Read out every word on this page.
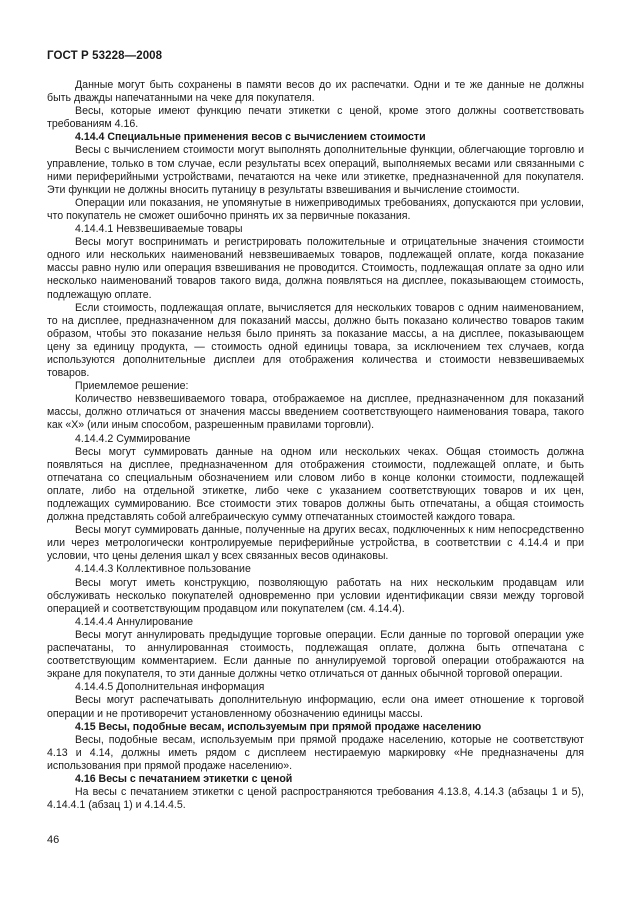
ГОСТ Р 53228—2008

Данные могут быть сохранены в памяти весов до их распечатки. Одни и те же данные не должны быть дважды напечатанными на чеке для покупателя.

Весы, которые имеют функцию печати этикетки с ценой, кроме этого должны соответствовать требованиям 4.16.

4.14.4 Специальные применения весов с вычислением стоимости

Весы с вычислением стоимости могут выполнять дополнительные функции, облегчающие торговлю и управление, только в том случае, если результаты всех операций, выполняемых весами или связанными с ними периферийными устройствами, печатаются на чеке или этикетке, предназначенной для покупателя. Эти функции не должны вносить путаницу в результаты взвешивания и вычисление стоимости.

Операции или показания, не упомянутые в нижеприводимых требованиях, допускаются при условии, что покупатель не сможет ошибочно принять их за первичные показания.

4.14.4.1 Невзвешиваемые товары

Весы могут воспринимать и регистрировать положительные и отрицательные значения стоимости одного или нескольких наименований невзвешиваемых товаров, подлежащей оплате, когда показание массы равно нулю или операция взвешивания не проводится. Стоимость, подлежащая оплате за одно или несколько наименований товаров такого вида, должна появляться на дисплее, показывающем стоимость, подлежащую оплате.

Если стоимость, подлежащая оплате, вычисляется для нескольких товаров с одним наименованием, то на дисплее, предназначенном для показаний массы, должно быть показано количество товаров таким образом, чтобы это показание нельзя было принять за показание массы, а на дисплее, показывающем цену за единицу продукта, — стоимость одной единицы товара, за исключением тех случаев, когда используются дополнительные дисплеи для отображения количества и стоимости невзвешиваемых товаров.

Приемлемое решение:

Количество невзвешиваемого товара, отображаемое на дисплее, предназначенном для показаний массы, должно отличаться от значения массы введением соответствующего наименования товара, такого как «X» (или иным способом, разрешенным правилами торговли).

4.14.4.2 Суммирование

Весы могут суммировать данные на одном или нескольких чеках. Общая стоимость должна появляться на дисплее, предназначенном для отображения стоимости, подлежащей оплате, и быть отпечатана со специальным обозначением или словом либо в конце колонки стоимости, подлежащей оплате, либо на отдельной этикетке, либо чеке с указанием соответствующих товаров и их цен, подлежащих суммированию. Все стоимости этих товаров должны быть отпечатаны, а общая стоимость должна представлять собой алгебраическую сумму отпечатанных стоимостей каждого товара.

Весы могут суммировать данные, полученные на других весах, подключенных к ним непосредственно или через метрологически контролируемые периферийные устройства, в соответствии с 4.14.4 и при условии, что цены деления шкал у всех связанных весов одинаковы.

4.14.4.3 Коллективное пользование

Весы могут иметь конструкцию, позволяющую работать на них нескольким продавцам или обслуживать несколько покупателей одновременно при условии идентификации связи между торговой операцией и соответствующим продавцом или покупателем (см. 4.14.4).

4.14.4.4 Аннулирование

Весы могут аннулировать предыдущие торговые операции. Если данные по торговой операции уже распечатаны, то аннулированная стоимость, подлежащая оплате, должна быть отпечатана с соответствующим комментарием. Если данные по аннулируемой торговой операции отображаются на экране для покупателя, то эти данные должны четко отличаться от данных обычной торговой операции.

4.14.4.5 Дополнительная информация

Весы могут распечатывать дополнительную информацию, если она имеет отношение к торговой операции и не противоречит установленному обозначению единицы массы.

4.15 Весы, подобные весам, используемым при прямой продаже населению

Весы, подобные весам, используемым при прямой продаже населению, которые не соответствуют 4.13 и 4.14, должны иметь рядом с дисплеем нестираемую маркировку «Не предназначены для использования при прямой продаже населению».

4.16 Весы с печатанием этикетки с ценой

На весы с печатанием этикетки с ценой распространяются требования 4.13.8, 4.14.3 (абзацы 1 и 5), 4.14.4.1 (абзац 1) и 4.14.4.5.

46
